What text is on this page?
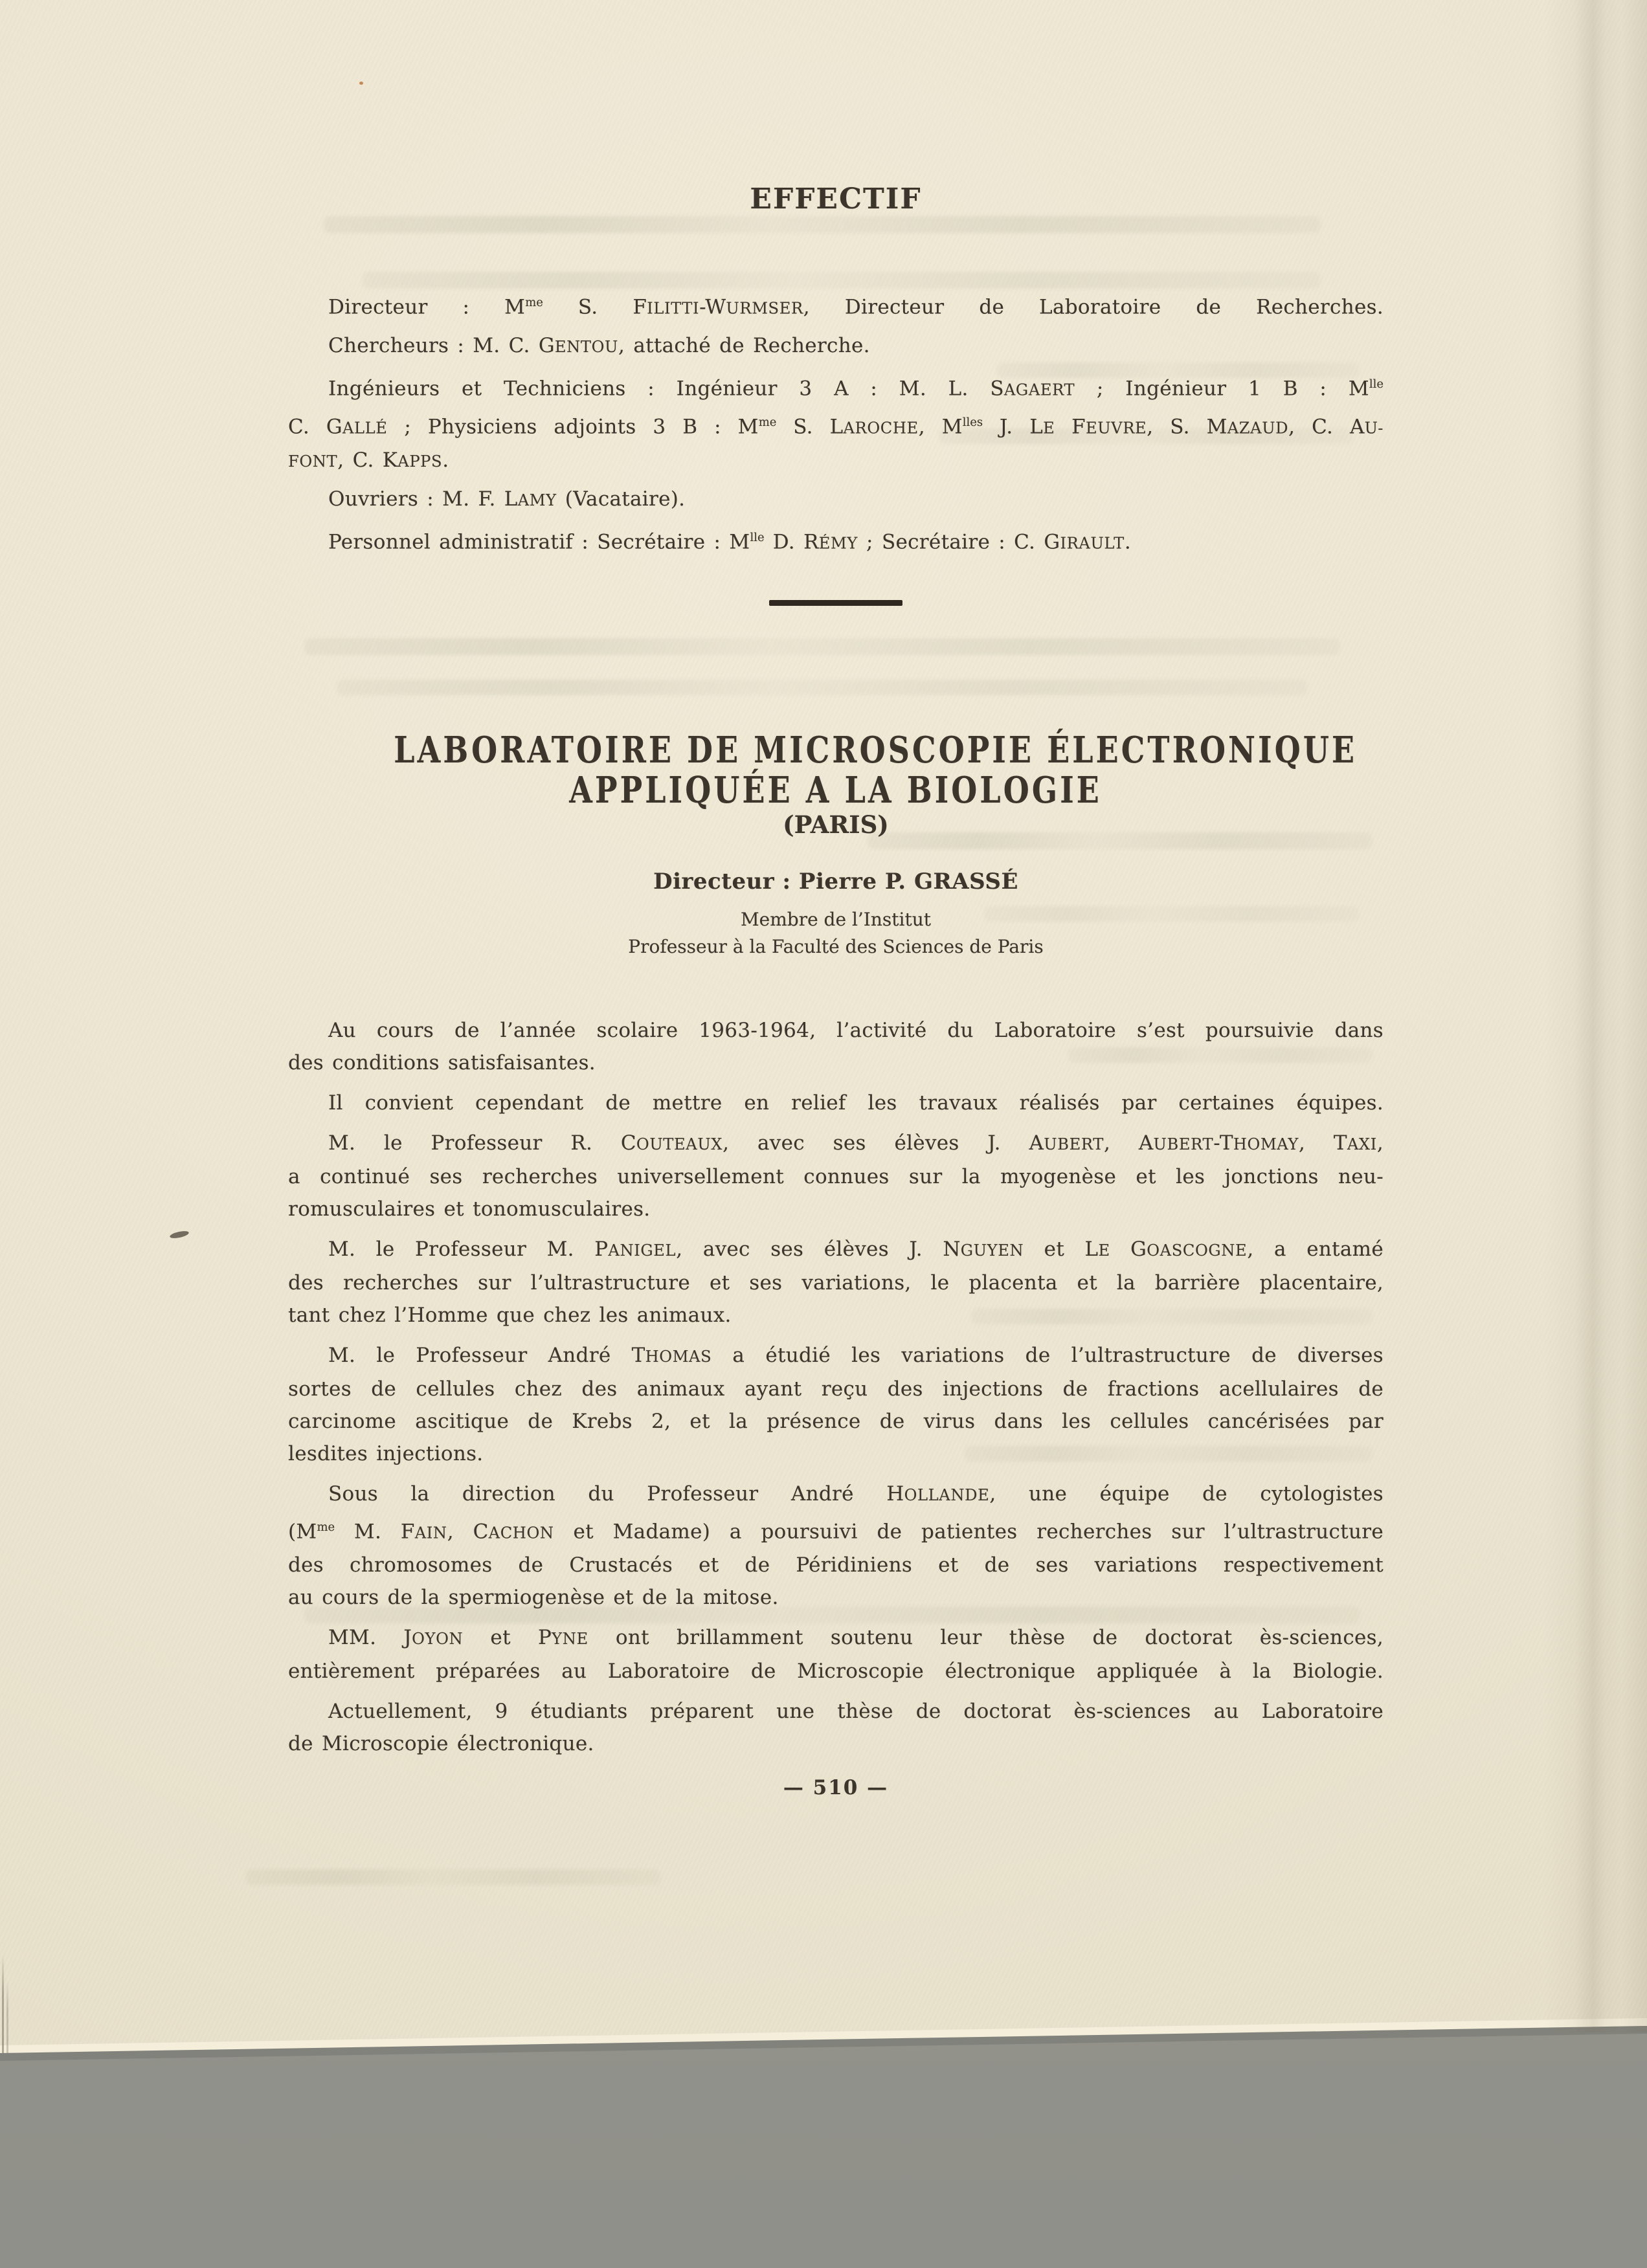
EFFECTIF
Directeur : $M^{me}$ S. FILITTI-WURMSER, Directeur de Laboratoire de Recherches.
Chercheurs : M. C. GENTOU, attaché de Recherche.
Ingénieurs et Techniciens : Ingénieur 3 A : M. L. SAGAERT ; Ingénieur 1 B : $M^{lle}$
C. GALLÉ ; Physiciens adjoints 3 B : $M^{me}$ S. LAROCHE, $M^{lles}$ J. LE FEUVRE, S. MAZAUD, C. AU-
FONT, C. KAPPS.
Ouvriers : M. F. LAMY (Vacataire).
Personnel administratif : Secrétaire : $M^{lle}$ D. RÉMY ; Secrétaire : C. GIRAULT.
LABORATOIRE DE MICROSCOPIE ÉLECTRONIQUE
APPLIQUÉE A LA BIOLOGIE
(PARIS)
Directeur : Pierre P. GRASSÉ
Membre de l’Institut
Professeur à la Faculté des Sciences de Paris
Au cours de l’année scolaire 1963-1964, l’activité du Laboratoire s’est poursuivie dans
des conditions satisfaisantes.
Il convient cependant de mettre en relief les travaux réalisés par certaines équipes.
M. le Professeur R. COUTEAUX, avec ses élèves J. AUBERT, AUBERT-THOMAY, TAXI,
a continué ses recherches universellement connues sur la myogenèse et les jonctions neu-
romusculaires et tonomusculaires.
M. le Professeur M. PANIGEL, avec ses élèves J. NGUYEN et LE GOASCOGNE, a entamé
des recherches sur l’ultrastructure et ses variations, le placenta et la barrière placentaire,
tant chez l’Homme que chez les animaux.
M. le Professeur André THOMAS a étudié les variations de l’ultrastructure de diverses
sortes de cellules chez des animaux ayant reçu des injections de fractions acellulaires de
carcinome ascitique de Krebs 2, et la présence de virus dans les cellules cancérisées par
lesdites injections.
Sous la direction du Professeur André HOLLANDE, une équipe de cytologistes
($M^{me}$ M. FAIN, CACHON et Madame) a poursuivi de patientes recherches sur l’ultrastructure
des chromosomes de Crustacés et de Péridiniens et de ses variations respectivement
au cours de la spermiogenèse et de la mitose.
MM. JOYON et PYNE ont brillamment soutenu leur thèse de doctorat ès-sciences,
entièrement préparées au Laboratoire de Microscopie électronique appliquée à la Biologie.
Actuellement, 9 étudiants préparent une thèse de doctorat ès-sciences au Laboratoire
de Microscopie électronique.
— 510 —
